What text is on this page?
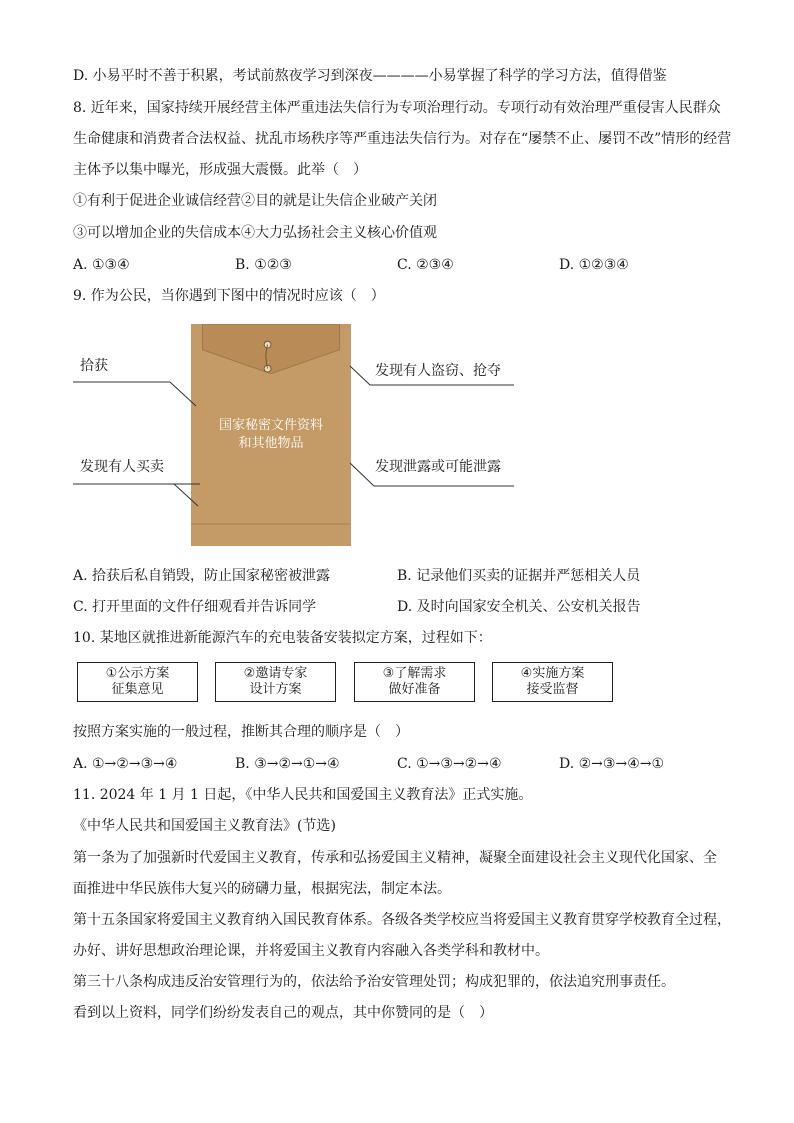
D. 小易平时不善于积累，考试前熬夜学习到深夜————小易掌握了科学的学习方法，值得借鉴
8. 近年来，国家持续开展经营主体严重违法失信行为专项治理行动。专项行动有效治理严重侵害人民群众
生命健康和消费者合法权益、扰乱市场秩序等严重违法失信行为。对存在“屡禁不止、屡罚不改”情形的经营
主体予以集中曝光，形成强大震慑。此举（　）
①有利于促进企业诚信经营②目的就是让失信企业破产关闭
③可以增加企业的失信成本④大力弘扬社会主义核心价值观
A. ①③④	B. ①②③	C. ②③④	D. ①②③④
9. 作为公民，当你遇到下图中的情况时应该（　）
国家秘密文件资料
和其他物品
拾获
发现有人买卖
发现有人盗窃、抢夺
发现泄露或可能泄露
A. 拾获后私自销毁，防止国家秘密被泄露	B. 记录他们买卖的证据并严惩相关人员
C. 打开里面的文件仔细观看并告诉同学	D. 及时向国家安全机关、公安机关报告
10. 某地区就推进新能源汽车的充电装备安装拟定方案，过程如下：
①公示方案
征集意见
②邀请专家
设计方案
③了解需求
做好准备
④实施方案
接受监督
按照方案实施的一般过程，推断其合理的顺序是（　）
A. ①→②→③→④	B. ③→②→①→④	C. ①→③→②→④	D. ②→③→④→①
11. 2024 年 1 月 1 日起，《中华人民共和国爱国主义教育法》正式实施。
《中华人民共和国爱国主义教育法》(节选)
第一条为了加强新时代爱国主义教育，传承和弘扬爱国主义精神，凝聚全面建设社会主义现代化国家、全
面推进中华民族伟大复兴的磅礴力量，根据宪法，制定本法。
第十五条国家将爱国主义教育纳入国民教育体系。各级各类学校应当将爱国主义教育贯穿学校教育全过程，
办好、讲好思想政治理论课，并将爱国主义教育内容融入各类学科和教材中。
第三十八条构成违反治安管理行为的，依法给予治安管理处罚；构成犯罪的，依法追究刑事责任。
看到以上资料，同学们纷纷发表自己的观点，其中你赞同的是（　）
